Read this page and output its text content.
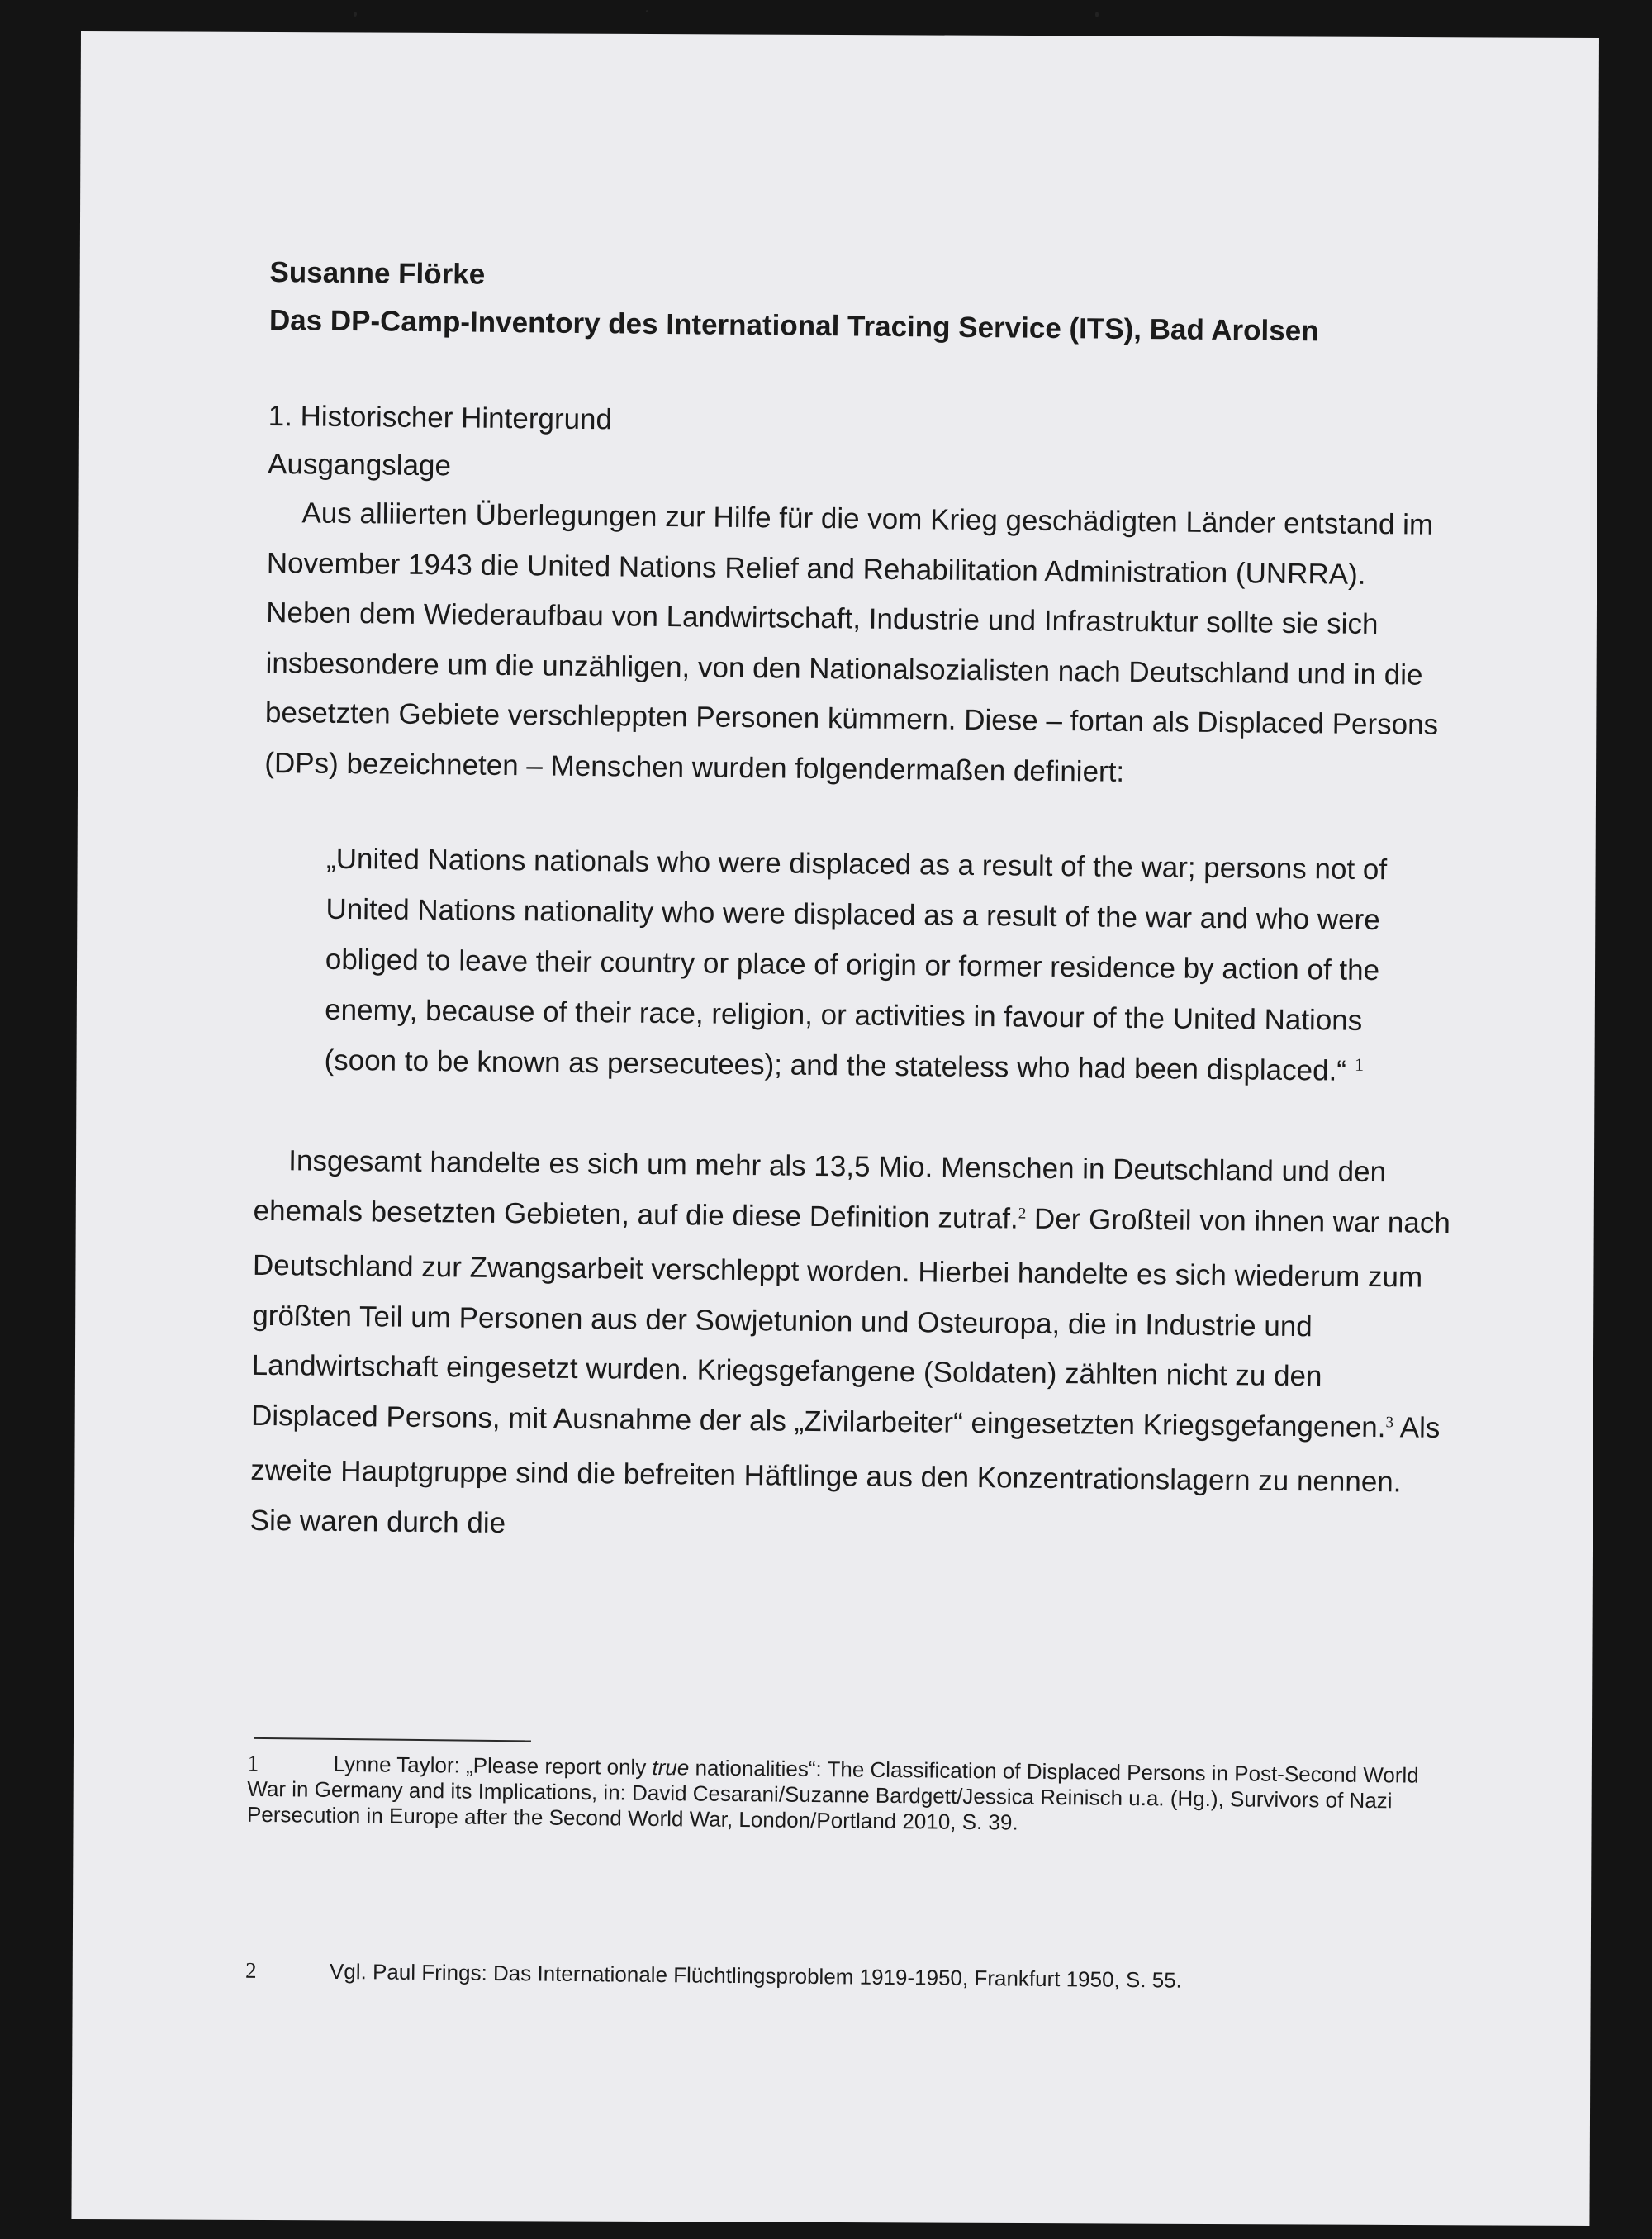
Susanne Flörke
Das DP-Camp-Inventory des International Tracing Service (ITS), Bad Arolsen
1. Historischer Hintergrund
Ausgangslage

Aus alliierten Überlegungen zur Hilfe für die vom Krieg geschädigten Länder entstand im November 1943 die United Nations Relief and Rehabilitation Administration (UNRRA). Neben dem Wiederaufbau von Landwirtschaft, Industrie und Infrastruktur sollte sie sich insbesondere um die unzähligen, von den Nationalsozialisten nach Deutschland und in die besetzten Gebiete verschleppten Personen kümmern. Diese – fortan als Displaced Persons (DPs) bezeichneten – Menschen wurden folgendermaßen definiert:

„United Nations nationals who were displaced as a result of the war; persons not of United Nations nationality who were displaced as a result of the war and who were obliged to leave their country or place of origin or former residence by action of the enemy, because of their race, religion, or activities in favour of the United Nations (soon to be known as persecutees); and the stateless who had been displaced.“ $^1$
Insgesamt handelte es sich um mehr als 13,5 Mio. Menschen in Deutschland und den ehemals besetzten Gebieten, auf die diese Definition zutraf.$^2$ Der Großteil von ihnen war nach Deutschland zur Zwangsarbeit verschleppt worden. Hierbei handelte es sich wiederum zum größten Teil um Personen aus der Sowjetunion und Osteuropa, die in Industrie und Landwirtschaft eingesetzt wurden. Kriegsgefangene (Soldaten) zählten nicht zu den Displaced Persons, mit Ausnahme der als „Zivilarbeiter“ eingesetzten Kriegsgefangenen.$^3$ Als zweite Hauptgruppe sind die befreiten Häftlinge aus den Konzentrationslagern zu nennen. Sie waren durch die
1	Lynne Taylor: „Please report only true nationalities“: The Classification of Displaced Persons in Post-Second World War in Germany and its Implications, in: David Cesarani/Suzanne Bardgett/Jessica Reinisch u.a. (Hg.), Survivors of Nazi Persecution in Europe after the Second World War, London/Portland 2010, S. 39.
2	Vgl. Paul Frings: Das Internationale Flüchtlingsproblem 1919-1950, Frankfurt 1950, S. 55.
